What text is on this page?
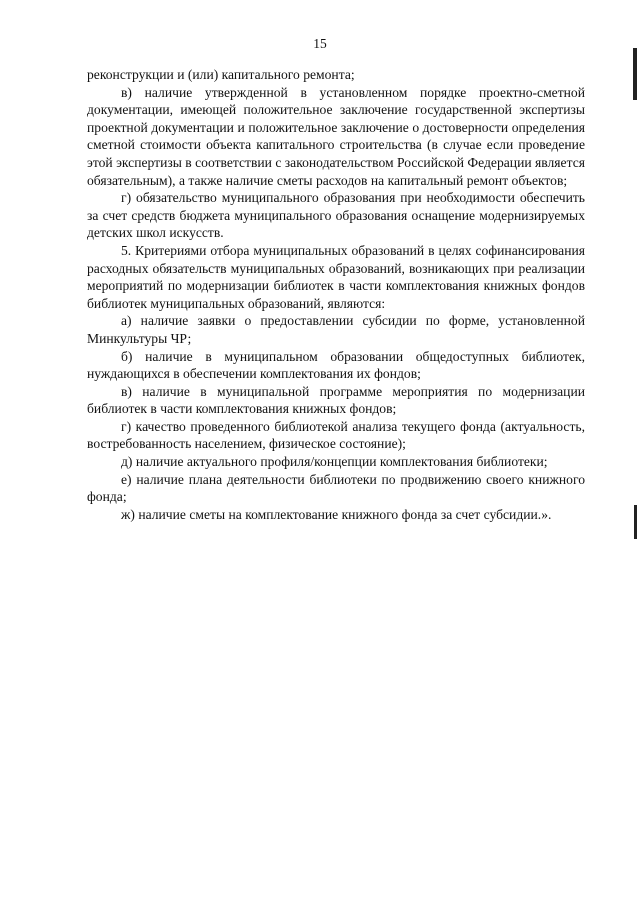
15

реконструкции и (или) капитального ремонта;

в) наличие утвержденной в установленном порядке проектно-сметной документации, имеющей положительное заключение государственной экспертизы проектной документации и положительное заключение о достоверности определения сметной стоимости объекта капитального строительства (в случае если проведение этой экспертизы в соответствии с законодательством Российской Федерации является обязательным), а также наличие сметы расходов на капитальный ремонт объектов;

г) обязательство муниципального образования при необходимости обеспечить за счет средств бюджета муниципального образования оснащение модернизируемых детских школ искусств.

5. Критериями отбора муниципальных образований в целях софинансирования расходных обязательств муниципальных образований, возникающих при реализации мероприятий по модернизации библиотек в части комплектования книжных фондов библиотек муниципальных образований, являются:

а) наличие заявки о предоставлении субсидии по форме, установленной Минкультуры ЧР;

б) наличие в муниципальном образовании общедоступных библиотек, нуждающихся в обеспечении комплектования их фондов;

в) наличие в муниципальной программе мероприятия по модернизации библиотек в части комплектования книжных фондов;

г) качество проведенного библиотекой анализа текущего фонда (актуальность, востребованность населением, физическое состояние);

д) наличие актуального профиля/концепции комплектования библиотеки;

е) наличие плана деятельности библиотеки по продвижению своего книжного фонда;

ж) наличие сметы на комплектование книжного фонда за счет субсидии.».
